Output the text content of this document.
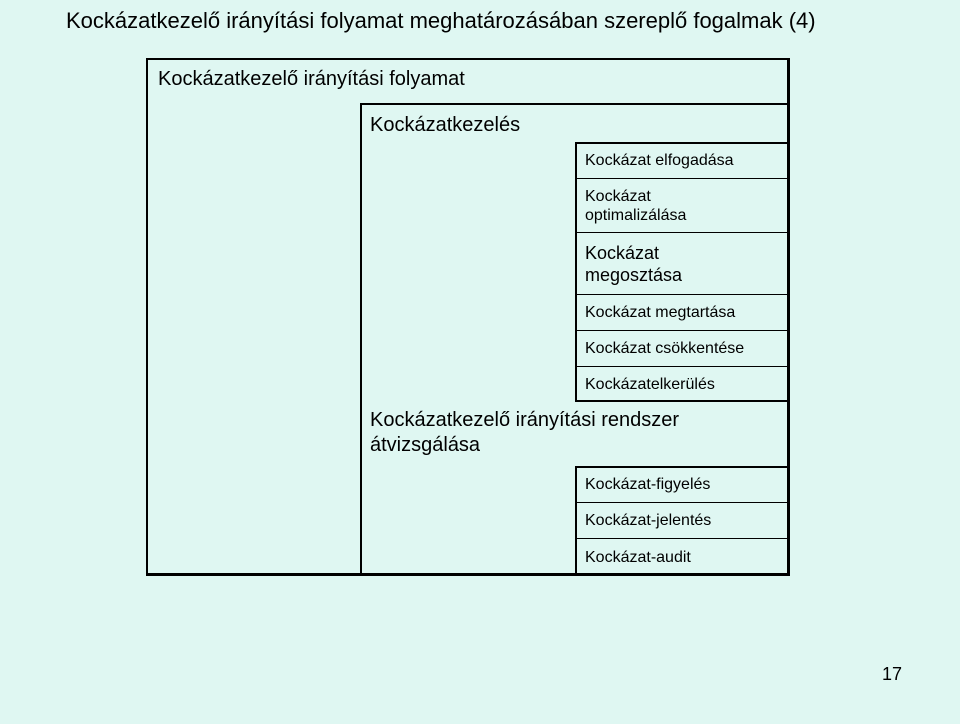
Kockázatkezelő irányítási folyamat meghatározásában szereplő fogalmak (4)
Kockázatkezelő irányítási folyamat
Kockázatkezelés
Kockázat elfogadása
Kockázat optimalizálása
Kockázat megosztása
Kockázat megtartása
Kockázat csökkentése
Kockázatelkerülés
Kockázatkezelő irányítási rendszer átvizsgálása
Kockázat-figyelés
Kockázat-jelentés
Kockázat-audit
17
